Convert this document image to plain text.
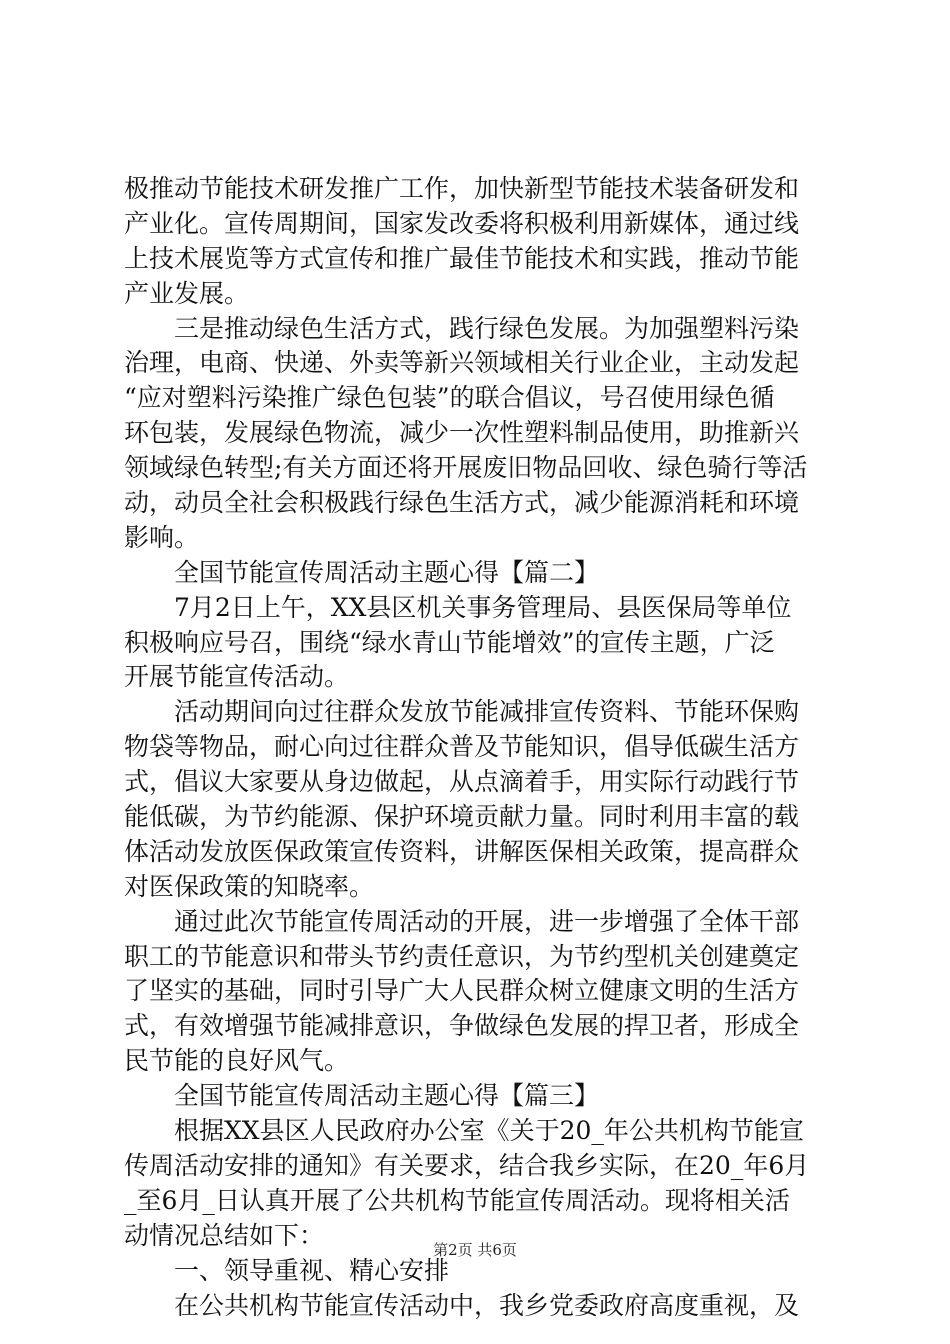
极推动节能技术研发推广工作，加快新型节能技术装备研发和
产业化。宣传周期间，国家发改委将积极利用新媒体，通过线
上技术展览等方式宣传和推广最佳节能技术和实践，推动节能
产业发展。
　　三是推动绿色生活方式，践行绿色发展。为加强塑料污染
治理，电商、快递、外卖等新兴领域相关行业企业，主动发起
“应对塑料污染推广绿色包装”的联合倡议，号召使用绿色循
环包装，发展绿色物流，减少一次性塑料制品使用，助推新兴
领域绿色转型;有关方面还将开展废旧物品回收、绿色骑行等活
动，动员全社会积极践行绿色生活方式，减少能源消耗和环境
影响。
　　全国节能宣传周活动主题心得【篇二】
　　7月2日上午，XX县区机关事务管理局、县医保局等单位
积极响应号召，围绕“绿水青山节能增效”的宣传主题，广泛
开展节能宣传活动。
　　活动期间向过往群众发放节能减排宣传资料、节能环保购
物袋等物品，耐心向过往群众普及节能知识，倡导低碳生活方
式，倡议大家要从身边做起，从点滴着手，用实际行动践行节
能低碳，为节约能源、保护环境贡献力量。同时利用丰富的载
体活动发放医保政策宣传资料，讲解医保相关政策，提高群众
对医保政策的知晓率。
　　通过此次节能宣传周活动的开展，进一步增强了全体干部
职工的节能意识和带头节约责任意识，为节约型机关创建奠定
了坚实的基础，同时引导广大人民群众树立健康文明的生活方
式，有效增强节能减排意识，争做绿色发展的捍卫者，形成全
民节能的良好风气。
　　全国节能宣传周活动主题心得【篇三】
　　根据XX县区人民政府办公室《关于20_年公共机构节能宣
传周活动安排的通知》有关要求，结合我乡实际，在20_年6月
_至6月_日认真开展了公共机构节能宣传周活动。现将相关活
动情况总结如下：
　　一、领导重视、精心安排
　　在公共机构节能宣传活动中，我乡党委政府高度重视，及
第2页 共6页
